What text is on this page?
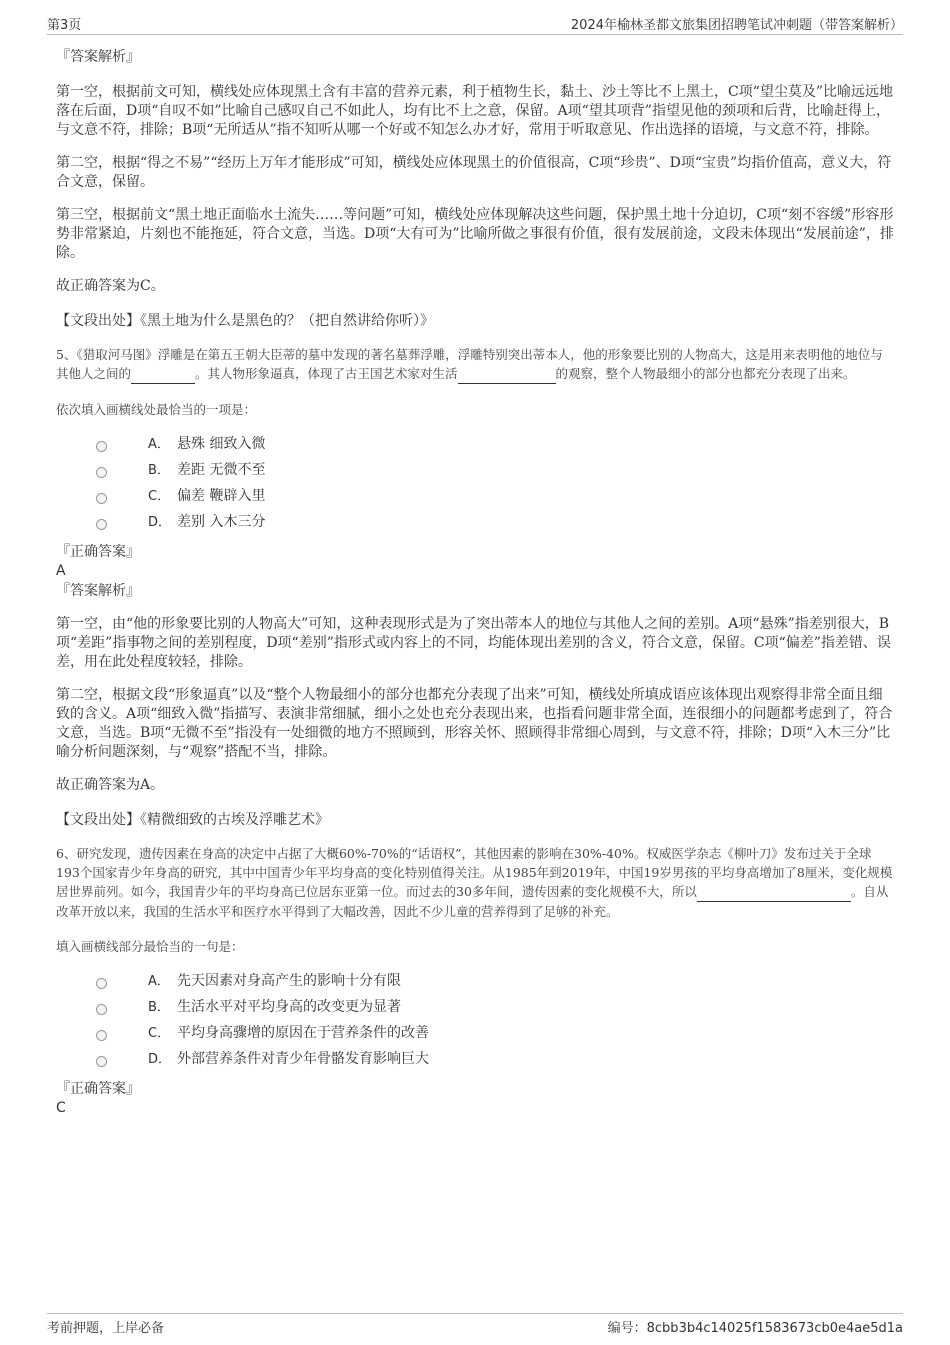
第3页	2024年榆林圣都文旅集团招聘笔试冲刺题（带答案解析）

『答案解析』

第一空，根据前文可知，横线处应体现黑土含有丰富的营养元素，利于植物生长，黏土、沙土等比不上黑土，C项“望尘莫及”比喻远远地落在后面，D项“自叹不如”比喻自己感叹自己不如此人，均有比不上之意，保留。A项“望其项背”指望见他的颈项和后背，比喻赶得上，与文意不符，排除；B项“无所适从”指不知听从哪一个好或不知怎么办才好，常用于听取意见、作出选择的语境，与文意不符，排除。

第二空，根据“得之不易”“经历上万年才能形成”可知，横线处应体现黑土的价值很高，C项“珍贵”、D项“宝贵”均指价值高，意义大，符合文意，保留。

第三空，根据前文“黑土地正面临水土流失……等问题”可知，横线处应体现解决这些问题，保护黑土地十分迫切，C项“刻不容缓”形容形势非常紧迫，片刻也不能拖延，符合文意，当选。D项“大有可为”比喻所做之事很有价值，很有发展前途，文段未体现出“发展前途”，排除。

故正确答案为C。

【文段出处】《黑土地为什么是黑色的？（把自然讲给你听）》

5、《猎取河马图》浮雕是在第五王朝大臣蒂的墓中发现的著名墓葬浮雕，浮雕特别突出蒂本人，他的形象要比别的人物高大，这是用来表明他的地位与其他人之间的	。其人物形象逼真，体现了古王国艺术家对生活	的观察，整个人物最细小的部分也都充分表现了出来。

依次填入画横线处最恰当的一项是：

A． 悬殊 细致入微
B． 差距 无微不至
C． 偏差 鞭辟入里
D． 差别 入木三分

『正确答案』

A

『答案解析』

第一空，由“他的形象要比别的人物高大”可知，这种表现形式是为了突出蒂本人的地位与其他人之间的差别。A项“悬殊”指差别很大，B项“差距”指事物之间的差别程度，D项“差别”指形式或内容上的不同，均能体现出差别的含义，符合文意，保留。C项“偏差”指差错、误差，用在此处程度较轻，排除。

第二空，根据文段“形象逼真”以及“整个人物最细小的部分也都充分表现了出来”可知，横线处所填成语应该体现出观察得非常全面且细致的含义。A项“细致入微”指描写、表演非常细腻，细小之处也充分表现出来，也指看问题非常全面，连很细小的问题都考虑到了，符合文意，当选。B项“无微不至”指没有一处细微的地方不照顾到，形容关怀、照顾得非常细心周到，与文意不符，排除；D项“入木三分”比喻分析问题深刻，与“观察”搭配不当，排除。

故正确答案为A。

【文段出处】《精微细致的古埃及浮雕艺术》

6、研究发现，遗传因素在身高的决定中占据了大概60%-70%的“话语权”，其他因素的影响在30%-40%。权威医学杂志《柳叶刀》发布过关于全球193个国家青少年身高的研究，其中中国青少年平均身高的变化特别值得关注。从1985年到2019年，中国19岁男孩的平均身高增加了8厘米，变化规模居世界前列。如今，我国青少年的平均身高已位居东亚第一位。而过去的30多年间，遗传因素的变化规模不大，所以	。自从改革开放以来，我国的生活水平和医疗水平得到了大幅改善，因此不少儿童的营养得到了足够的补充。

填入画横线部分最恰当的一句是：

A． 先天因素对身高产生的影响十分有限
B． 生活水平对平均身高的改变更为显著
C． 平均身高骤增的原因在于营养条件的改善
D． 外部营养条件对青少年骨骼发育影响巨大

『正确答案』

C

考前押题，上岸必备	编号：8cbb3b4c14025f1583673cb0e4ae5d1a
